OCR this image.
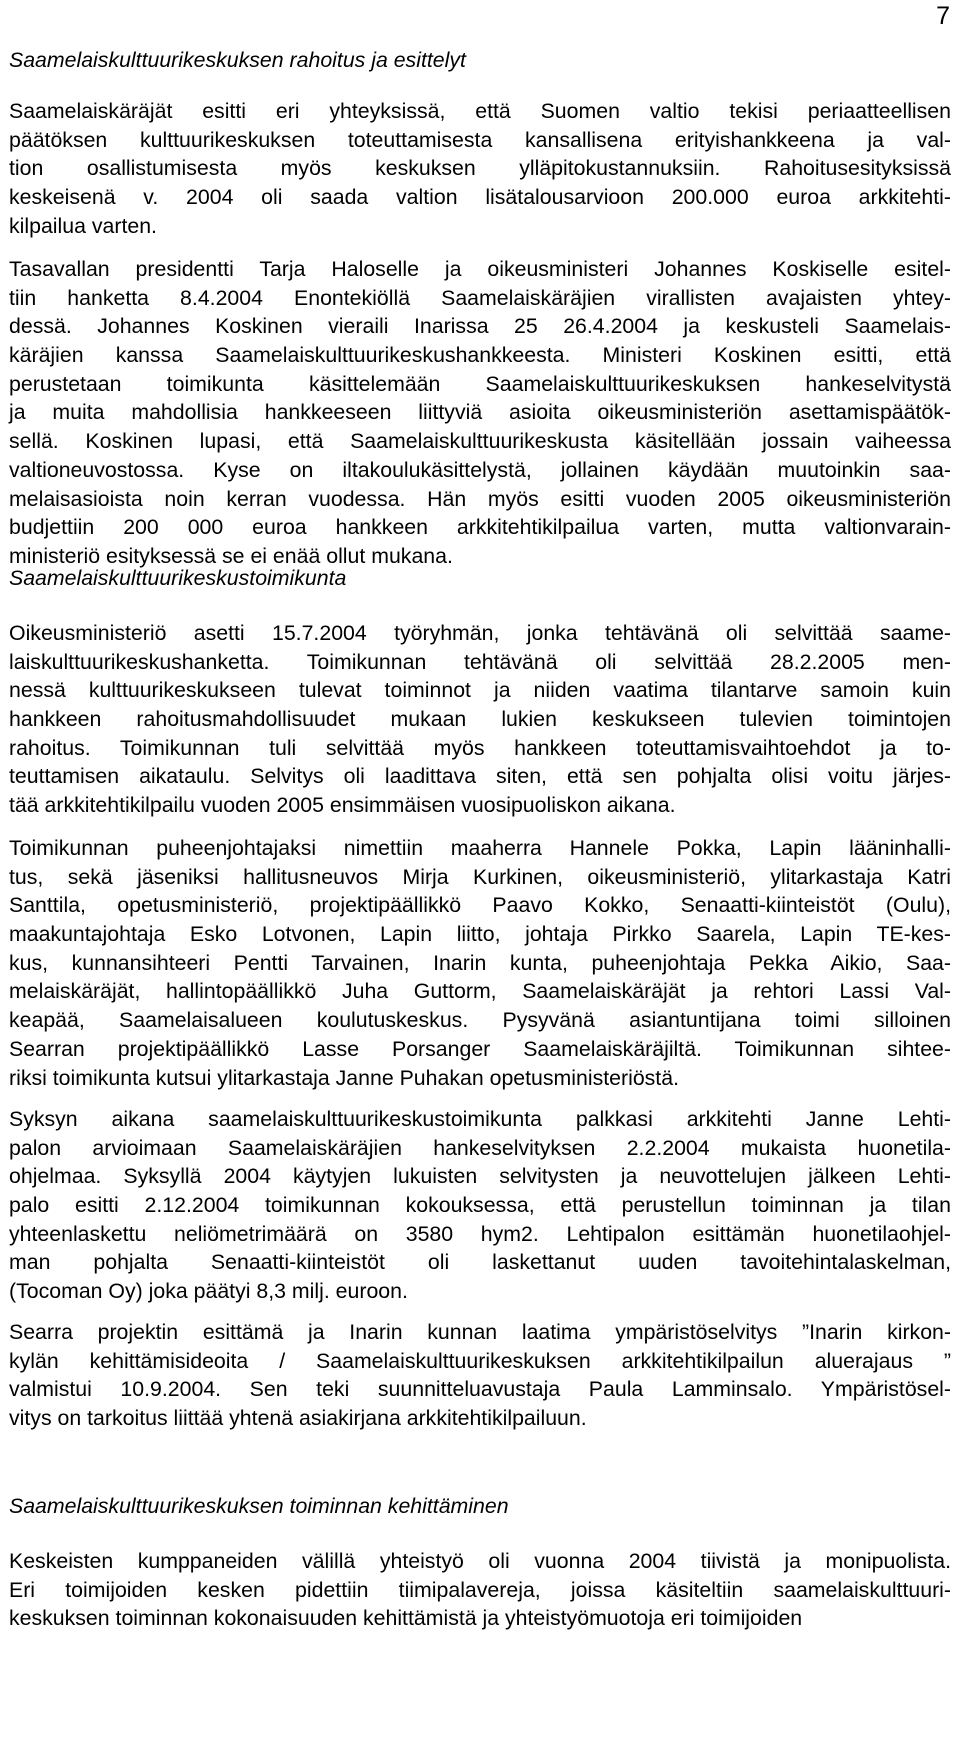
7
Saamelaiskulttuurikeskuksen rahoitus ja esittelyt
Saamelaiskäräjät esitti eri yhteyksissä, että Suomen valtio tekisi periaatteellisen
päätöksen kulttuurikeskuksen toteuttamisesta kansallisena erityishankkeena ja val-
tion osallistumisesta myös keskuksen ylläpitokustannuksiin. Rahoitusesityksissä
keskeisenä v. 2004 oli saada valtion lisätalousarvioon 200.000 euroa arkkitehti-
kilpailua varten.
Tasavallan presidentti Tarja Haloselle ja oikeusministeri Johannes Koskiselle esitel-
tiin hanketta 8.4.2004 Enontekiöllä Saamelaiskäräjien virallisten avajaisten yhtey-
dessä. Johannes Koskinen vieraili Inarissa 25 26.4.2004 ja keskusteli Saamelais-
käräjien kanssa Saamelaiskulttuurikeskushankkeesta. Ministeri Koskinen esitti, että
perustetaan toimikunta käsittelemään Saamelaiskulttuurikeskuksen hankeselvitystä
ja muita mahdollisia hankkeeseen liittyviä asioita oikeusministeriön asettamispäätök-
sellä. Koskinen lupasi, että Saamelaiskulttuurikeskusta käsitellään jossain vaiheessa
valtioneuvostossa. Kyse on iltakoulukäsittelystä, jollainen käydään muutoinkin saa-
melaisasioista noin kerran vuodessa. Hän myös esitti vuoden 2005 oikeusministeriön
budjettiin 200 000 euroa hankkeen arkkitehtikilpailua varten, mutta valtionvarain-
ministeriö esityksessä se ei enää ollut mukana.
Saamelaiskulttuurikeskustoimikunta
Oikeusministeriö asetti 15.7.2004 työryhmän, jonka tehtävänä oli selvittää saame-
laiskulttuurikeskushanketta. Toimikunnan tehtävänä oli selvittää 28.2.2005 men-
nessä kulttuurikeskukseen tulevat toiminnot ja niiden vaatima tilantarve samoin kuin
hankkeen rahoitusmahdollisuudet mukaan lukien keskukseen tulevien toimintojen
rahoitus. Toimikunnan tuli selvittää myös hankkeen toteuttamisvaihtoehdot ja to-
teuttamisen aikataulu. Selvitys oli laadittava siten, että sen pohjalta olisi voitu järjes-
tää arkkitehtikilpailu vuoden 2005 ensimmäisen vuosipuoliskon aikana.
Toimikunnan puheenjohtajaksi nimettiin maaherra Hannele Pokka, Lapin lääninhalli-
tus, sekä jäseniksi hallitusneuvos Mirja Kurkinen, oikeusministeriö, ylitarkastaja Katri
Santtila, opetusministeriö, projektipäällikkö Paavo Kokko, Senaatti-kiinteistöt (Oulu),
maakuntajohtaja Esko Lotvonen, Lapin liitto, johtaja Pirkko Saarela, Lapin TE-kes-
kus, kunnansihteeri Pentti Tarvainen, Inarin kunta, puheenjohtaja Pekka Aikio, Saa-
melaiskäräjät, hallintopäällikkö Juha Guttorm, Saamelaiskäräjät ja rehtori Lassi Val-
keapää, Saamelaisalueen koulutuskeskus. Pysyvänä asiantuntijana toimi silloinen
Searran projektipäällikkö Lasse Porsanger Saamelaiskäräjiltä. Toimikunnan sihtee-
riksi toimikunta kutsui ylitarkastaja Janne Puhakan opetusministeriöstä.
Syksyn aikana saamelaiskulttuurikeskustoimikunta palkkasi arkkitehti Janne Lehti-
palon arvioimaan Saamelaiskäräjien hankeselvityksen 2.2.2004 mukaista huonetila-
ohjelmaa. Syksyllä 2004 käytyjen lukuisten selvitysten ja neuvottelujen jälkeen Lehti-
palo esitti 2.12.2004 toimikunnan kokouksessa, että perustellun toiminnan ja tilan
yhteenlaskettu neliömetrimäärä on 3580 hym2. Lehtipalon esittämän huonetilaohjel-
man pohjalta Senaatti-kiinteistöt oli laskettanut uuden tavoitehintalaskelman,
(Tocoman Oy) joka päätyi 8,3 milj. euroon.
Searra projektin esittämä ja Inarin kunnan laatima ympäristöselvitys ”Inarin kirkon-
kylän kehittämisideoita / Saamelaiskulttuurikeskuksen arkkitehtikilpailun aluerajaus ”
valmistui 10.9.2004. Sen teki suunnitteluavustaja Paula Lamminsalo. Ympäristösel-
vitys on tarkoitus liittää yhtenä asiakirjana arkkitehtikilpailuun.
Saamelaiskulttuurikeskuksen toiminnan kehittäminen
Keskeisten kumppaneiden välillä yhteistyö oli vuonna 2004 tiivistä ja monipuolista.
Eri toimijoiden kesken pidettiin tiimipalavereja, joissa käsiteltiin saamelaiskulttuuri-
keskuksen toiminnan kokonaisuuden kehittämistä ja yhteistyömuotoja eri toimijoiden
